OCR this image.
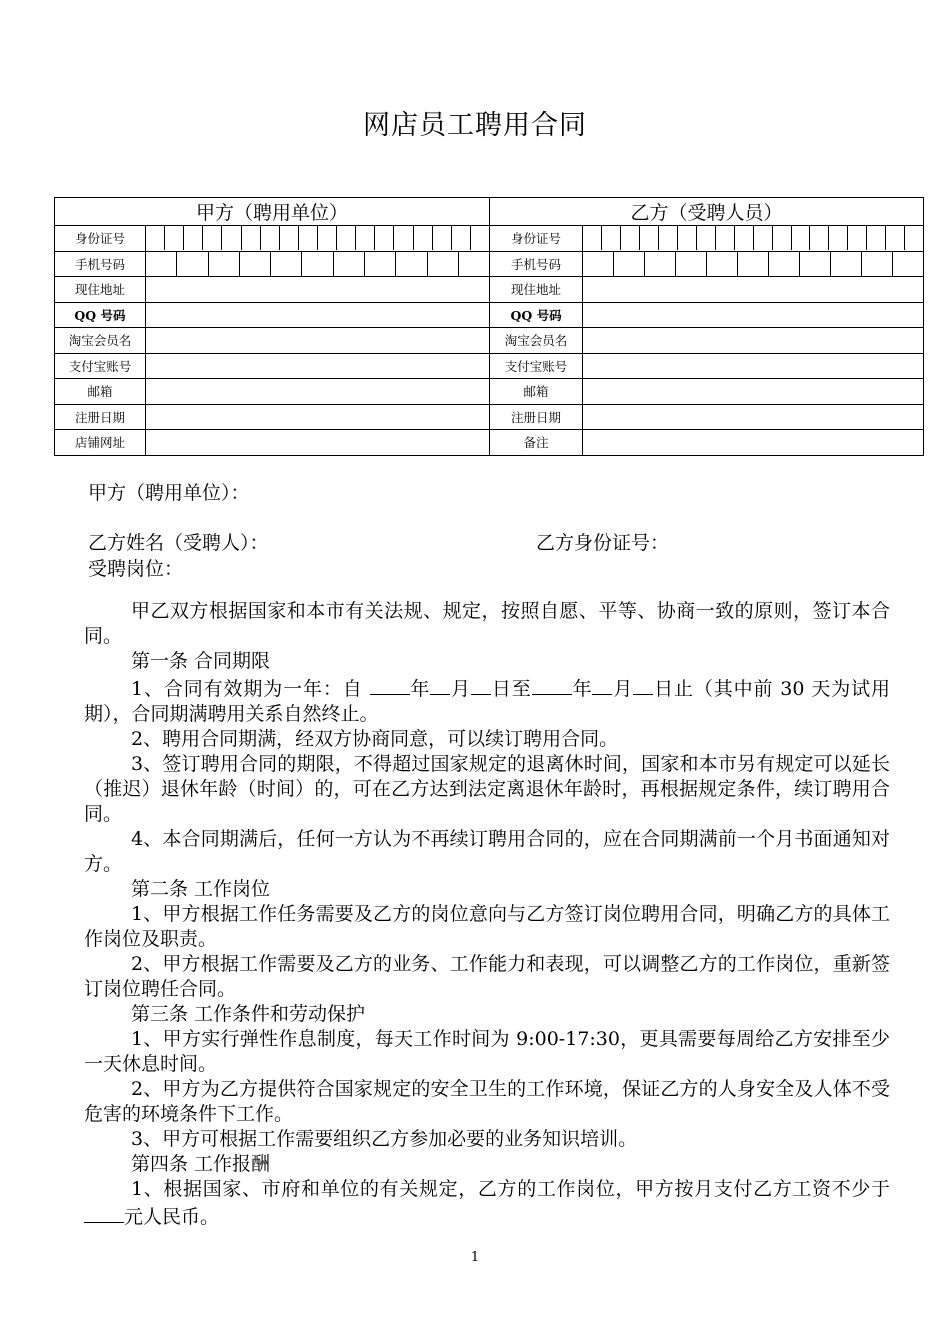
网店员工聘用合同
甲方（聘用单位）		乙方（受聘人员）	
身份证号		身份证号	

手机号码		手机号码	

现住地址		现住地址	
QQ 号码		QQ 号码	
淘宝会员名		淘宝会员名	
支付宝账号		支付宝账号	
邮箱		邮箱	
注册日期		注册日期	
店铺网址		备注	
甲方（聘用单位）：
乙方姓名（受聘人）：	乙方身份证号：
受聘岗位：

甲乙双方根据国家和本市有关法规、规定，按照自愿、平等、协商一致的原则，签订本合同。

第一条 合同期限

1、合同有效期为一年：自 年 月 日至 年 月 日止（其中前 30 天为试用期），合同期满聘用关系自然终止。

2、聘用合同期满，经双方协商同意，可以续订聘用合同。

3、签订聘用合同的期限，不得超过国家规定的退离休时间，国家和本市另有规定可以延长（推迟）退休年龄（时间）的，可在乙方达到法定离退休年龄时，再根据规定条件，续订聘用合同。

4、本合同期满后，任何一方认为不再续订聘用合同的，应在合同期满前一个月书面通知对方。

第二条 工作岗位

1、甲方根据工作任务需要及乙方的岗位意向与乙方签订岗位聘用合同，明确乙方的具体工作岗位及职责。

2、甲方根据工作需要及乙方的业务、工作能力和表现，可以调整乙方的工作岗位，重新签订岗位聘任合同。

第三条 工作条件和劳动保护

1、甲方实行弹性作息制度，每天工作时间为 9:00-17:30，更具需要每周给乙方安排至少一天休息时间。

2、甲方为乙方提供符合国家规定的安全卫生的工作环境，保证乙方的人身安全及人体不受危害的环境条件下工作。

3、甲方可根据工作需要组织乙方参加必要的业务知识培训。

第四条 工作报酬

1、根据国家、市府和单位的有关规定，乙方的工作岗位，甲方按月支付乙方工资不少于元人民币。

1
